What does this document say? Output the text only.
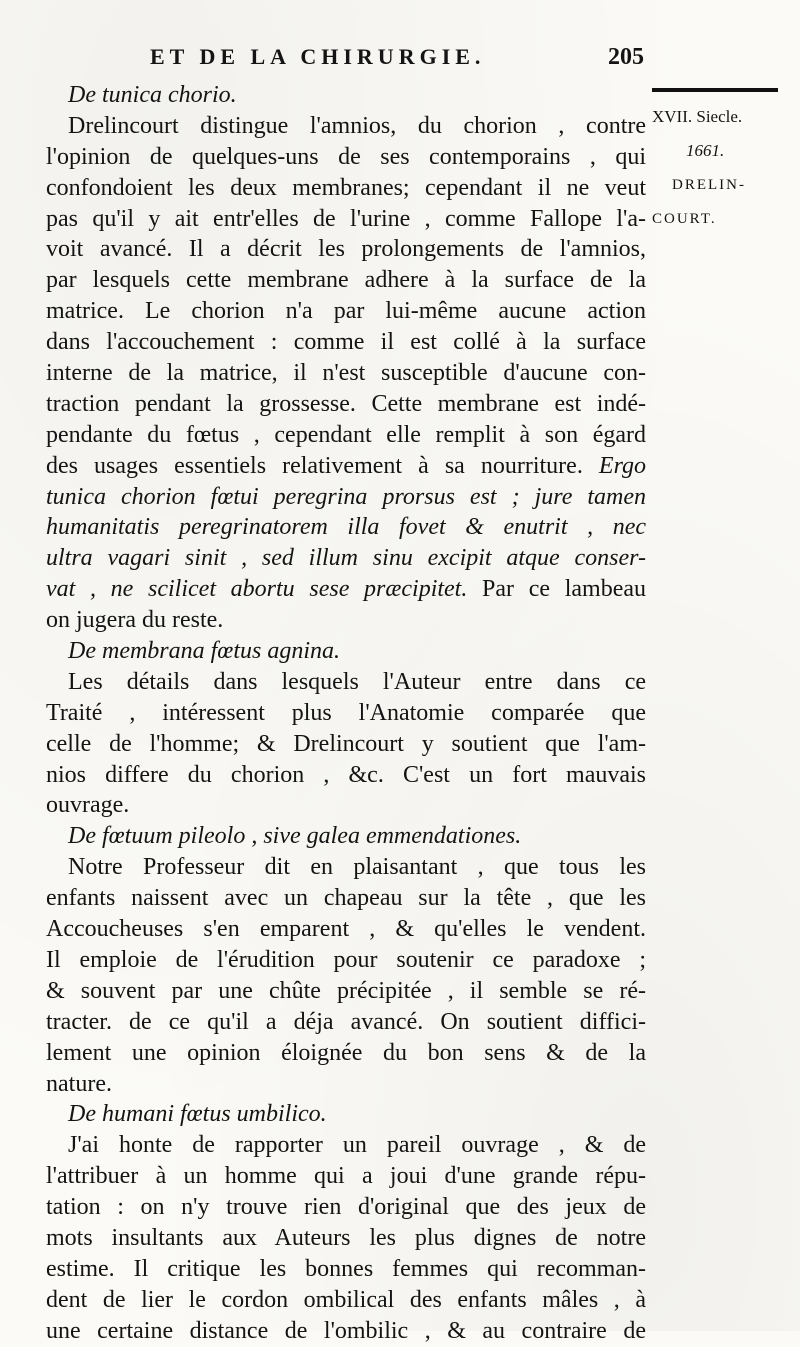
ET DE LA CHIRURGIE.	205
XVII. Siecle.
1661.
DRELIN-
COURT.
De tunica chorio.
Drelincourt distingue l'amnios, du chorion , contre
l'opinion de quelques-uns de ses contemporains , qui
confondoient les deux membranes; cependant il ne veut
pas qu'il y ait entr'elles de l'urine , comme Fallope l'a-
voit avancé. Il a décrit les prolongements de l'amnios,
par lesquels cette membrane adhere à la surface de la
matrice. Le chorion n'a par lui-même aucune action
dans l'accouchement : comme il est collé à la surface
interne de la matrice, il n'est susceptible d'aucune con-
traction pendant la grossesse. Cette membrane est indé-
pendante du fœtus , cependant elle remplit à son égard
des usages essentiels relativement à sa nourriture. Ergo
tunica chorion fœtui peregrina prorsus est ; jure tamen
humanitatis peregrinatorem illa fovet & enutrit , nec
ultra vagari sinit , sed illum sinu excipit atque conser-
vat , ne scilicet abortu sese præcipitet. Par ce lambeau
on jugera du reste.
De membrana fœtus agnina.
Les détails dans lesquels l'Auteur entre dans ce
Traité , intéressent plus l'Anatomie comparée que
celle de l'homme; & Drelincourt y soutient que l'am-
nios differe du chorion , &c. C'est un fort mauvais
ouvrage.
De fœtuum pileolo , sive galea emmendationes.
Notre Professeur dit en plaisantant , que tous les
enfants naissent avec un chapeau sur la tête , que les
Accoucheuses s'en emparent , & qu'elles le vendent.
Il emploie de l'érudition pour soutenir ce paradoxe ;
& souvent par une chûte précipitée , il semble se ré-
tracter. de ce qu'il a déja avancé. On soutient diffici-
lement une opinion éloignée du bon sens & de la
nature.
De humani fœtus umbilico.
J'ai honte de rapporter un pareil ouvrage , & de
l'attribuer à un homme qui a joui d'une grande répu-
tation : on n'y trouve rien d'original que des jeux de
mots insultants aux Auteurs les plus dignes de notre
estime. Il critique les bonnes femmes qui recomman-
dent de lier le cordon ombilical des enfants mâles , à
une certaine distance de l'ombilic , & au contraire de
